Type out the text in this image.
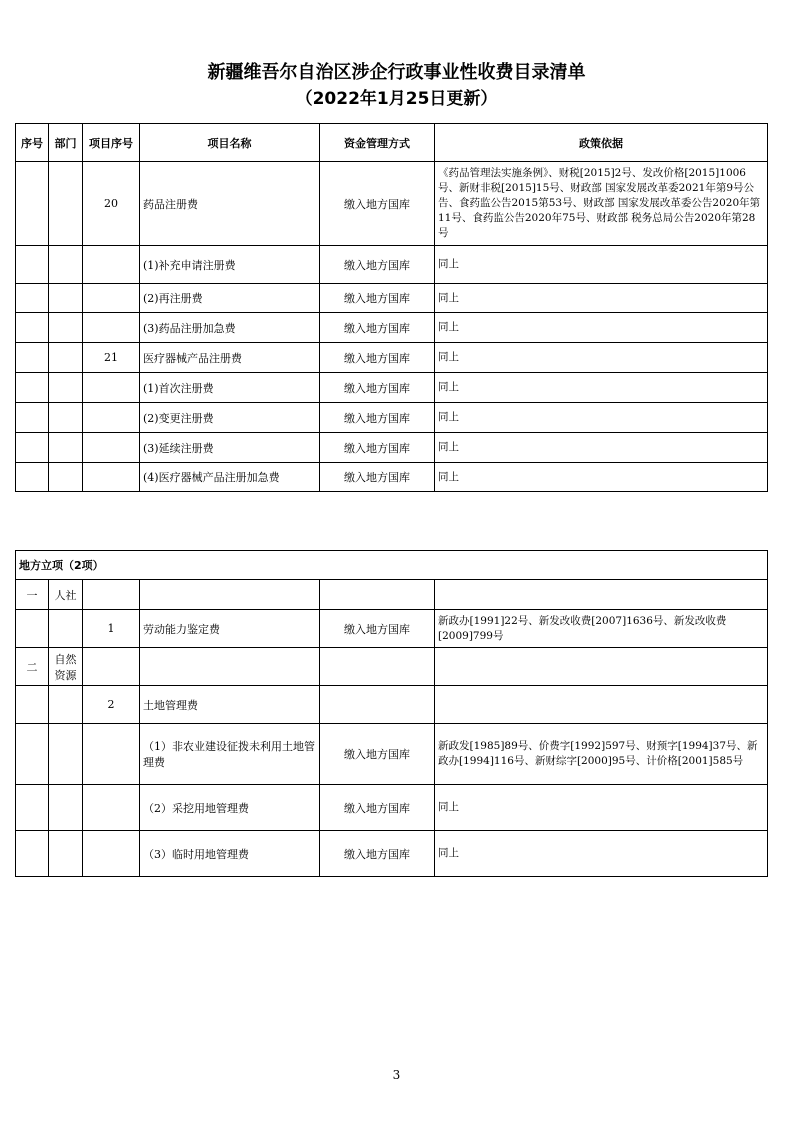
新疆维吾尔自治区涉企行政事业性收费目录清单
（2022年1月25日更新）
序号	部门	项目序号	项目名称	资金管理方式	政策依据
		20	药品注册费	缴入地方国库	《药品管理法实施条例》、财税[2015]2号、发改价格[2015]1006号、新财非税[2015]15号、财政部 国家发展改革委2021年第9号公告、食药监公告2015第53号、财政部 国家发展改革委公告2020年第11号、食药监公告2020年75号、财政部 税务总局公告2020年第28号
			(1)补充申请注册费	缴入地方国库	同上
			(2)再注册费	缴入地方国库	同上
			(3)药品注册加急费	缴入地方国库	同上
		21	医疗器械产品注册费	缴入地方国库	同上
			(1)首次注册费	缴入地方国库	同上
			(2)变更注册费	缴入地方国库	同上
			(3)延续注册费	缴入地方国库	同上
			(4)医疗器械产品注册加急费	缴入地方国库	同上
地方立项（2项）					
一	人社				
		1	劳动能力鉴定费	缴入地方国库	新政办[1991]22号、新发改收费[2007]1636号、新发改收费[2009]799号
二	自然资源				
		2	土地管理费		
			（1）非农业建设征拨未利用土地管理费	缴入地方国库	新政发[1985]89号、价费字[1992]597号、财预字[1994]37号、新政办[1994]116号、新财综字[2000]95号、计价格[2001]585号
			（2）采挖用地管理费	缴入地方国库	同上
			（3）临时用地管理费	缴入地方国库	同上
3
